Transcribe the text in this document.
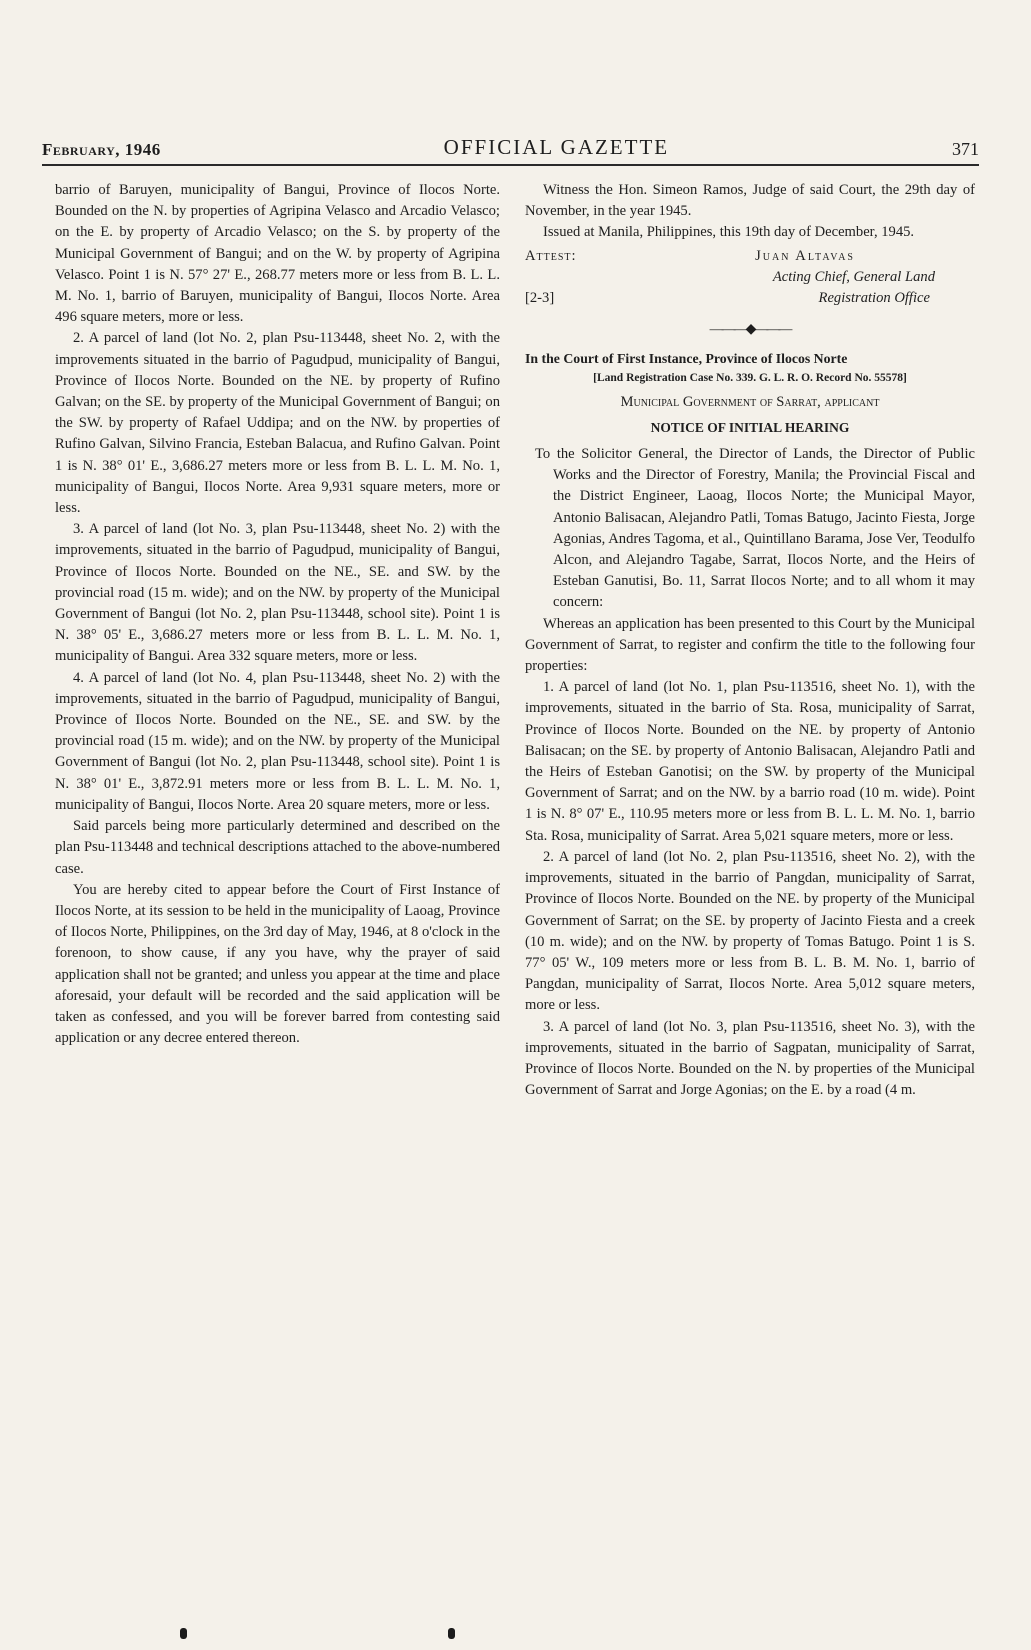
February, 1946	OFFICIAL GAZETTE	371

barrio of Baruyen, municipality of Bangui, Province of Ilocos Norte. Bounded on the N. by properties of Agripina Velasco and Arcadio Velasco; on the E. by property of Arcadio Velasco; on the S. by property of the Municipal Government of Bangui; and on the W. by property of Agripina Velasco. Point 1 is N. 57° 27' E., 268.77 meters more or less from B. L. L. M. No. 1, barrio of Baruyen, municipality of Bangui, Ilocos Norte. Area 496 square meters, more or less.

2. A parcel of land (lot No. 2, plan Psu-113448, sheet No. 2, with the improvements situated in the barrio of Pagudpud, municipality of Bangui, Province of Ilocos Norte. Bounded on the NE. by property of Rufino Galvan; on the SE. by property of the Municipal Government of Bangui; on the SW. by property of Rafael Uddipa; and on the NW. by properties of Rufino Galvan, Silvino Francia, Esteban Balacua, and Rufino Galvan. Point 1 is N. 38° 01' E., 3,686.27 meters more or less from B. L. L. M. No. 1, municipality of Bangui, Ilocos Norte. Area 9,931 square meters, more or less.

3. A parcel of land (lot No. 3, plan Psu-113448, sheet No. 2) with the improvements, situated in the barrio of Pagudpud, municipality of Bangui, Province of Ilocos Norte. Bounded on the NE., SE. and SW. by the provincial road (15 m. wide); and on the NW. by property of the Municipal Government of Bangui (lot No. 2, plan Psu-113448, school site). Point 1 is N. 38° 05' E., 3,686.27 meters more or less from B. L. L. M. No. 1, municipality of Bangui. Area 332 square meters, more or less.

4. A parcel of land (lot No. 4, plan Psu-113448, sheet No. 2) with the improvements, situated in the barrio of Pagudpud, municipality of Bangui, Province of Ilocos Norte. Bounded on the NE., SE. and SW. by the provincial road (15 m. wide); and on the NW. by property of the Municipal Government of Bangui (lot No. 2, plan Psu-113448, school site). Point 1 is N. 38° 01' E., 3,872.91 meters more or less from B. L. L. M. No. 1, municipality of Bangui, Ilocos Norte. Area 20 square meters, more or less.

Said parcels being more particularly determined and described on the plan Psu-113448 and technical descriptions attached to the above-numbered case.

You are hereby cited to appear before the Court of First Instance of Ilocos Norte, at its session to be held in the municipality of Laoag, Province of Ilocos Norte, Philippines, on the 3rd day of May, 1946, at 8 o'clock in the forenoon, to show cause, if any you have, why the prayer of said application shall not be granted; and unless you appear at the time and place aforesaid, your default will be recorded and the said application will be taken as confessed, and you will be forever barred from contesting said application or any decree entered thereon.

Witness the Hon. Simeon Ramos, Judge of said Court, the 29th day of November, in the year 1945.

Issued at Manila, Philippines, this 19th day of December, 1945.

Attest:	Juan Altavas
Acting Chief, General Land
[2-3]	Registration Office
———◆———
In the Court of First Instance, Province of Ilocos Norte
[Land Registration Case No. 339. G. L. R. O. Record No. 55578]
Municipal Government of Sarrat, applicant
NOTICE OF INITIAL HEARING

To the Solicitor General, the Director of Lands, the Director of Public Works and the Director of Forestry, Manila; the Provincial Fiscal and the District Engineer, Laoag, Ilocos Norte; the Municipal Mayor, Antonio Balisacan, Alejandro Patli, Tomas Batugo, Jacinto Fiesta, Jorge Agonias, Andres Tagoma, et al., Quintillano Barama, Jose Ver, Teodulfo Alcon, and Alejandro Tagabe, Sarrat, Ilocos Norte, and the Heirs of Esteban Ganutisi, Bo. 11, Sarrat Ilocos Norte; and to all whom it may concern:

Whereas an application has been presented to this Court by the Municipal Government of Sarrat, to register and confirm the title to the following four properties:

1. A parcel of land (lot No. 1, plan Psu-113516, sheet No. 1), with the improvements, situated in the barrio of Sta. Rosa, municipality of Sarrat, Province of Ilocos Norte. Bounded on the NE. by property of Antonio Balisacan; on the SE. by property of Antonio Balisacan, Alejandro Patli and the Heirs of Esteban Ganotisi; on the SW. by property of the Municipal Government of Sarrat; and on the NW. by a barrio road (10 m. wide). Point 1 is N. 8° 07' E., 110.95 meters more or less from B. L. L. M. No. 1, barrio Sta. Rosa, municipality of Sarrat. Area 5,021 square meters, more or less.

2. A parcel of land (lot No. 2, plan Psu-113516, sheet No. 2), with the improvements, situated in the barrio of Pangdan, municipality of Sarrat, Province of Ilocos Norte. Bounded on the NE. by property of the Municipal Government of Sarrat; on the SE. by property of Jacinto Fiesta and a creek (10 m. wide); and on the NW. by property of Tomas Batugo. Point 1 is S. 77° 05' W., 109 meters more or less from B. L. B. M. No. 1, barrio of Pangdan, municipality of Sarrat, Ilocos Norte. Area 5,012 square meters, more or less.

3. A parcel of land (lot No. 3, plan Psu-113516, sheet No. 3), with the improvements, situated in the barrio of Sagpatan, municipality of Sarrat, Province of Ilocos Norte. Bounded on the N. by properties of the Municipal Government of Sarrat and Jorge Agonias; on the E. by a road (4 m.
